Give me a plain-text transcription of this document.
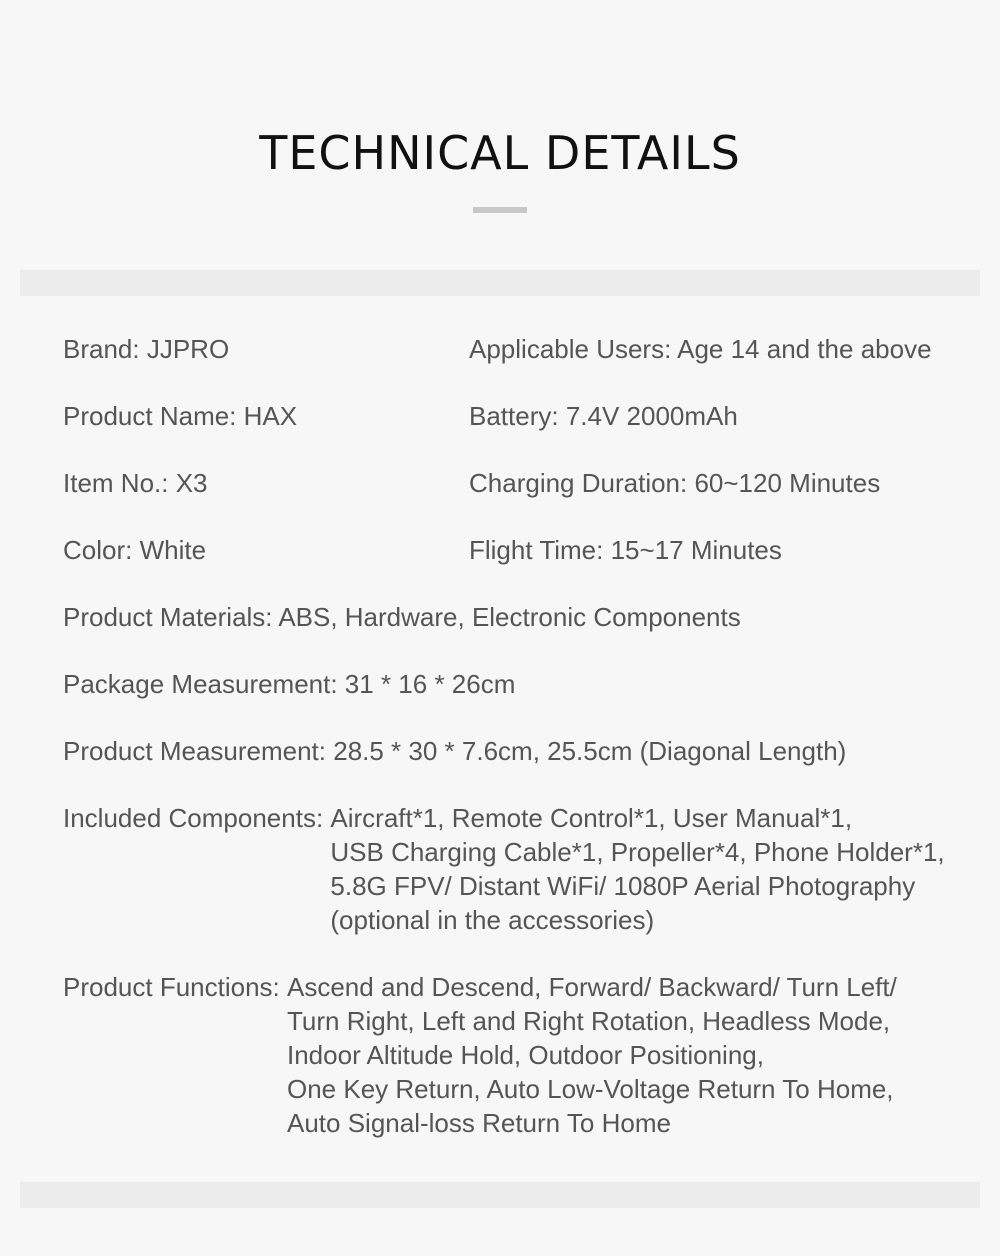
TECHNICAL DETAILS
Brand: JJPRO	Applicable Users: Age 14 and the above
Product Name: HAX	Battery: 7.4V 2000mAh
Item No.: X3	Charging Duration: 60~120 Minutes
Color: White	Flight Time: 15~17 Minutes
Product Materials: ABS, Hardware, Electronic Components
Package Measurement: 31 * 16 * 26cm
Product Measurement: 28.5 * 30 * 7.6cm, 25.5cm (Diagonal Length)
Included Components: Aircraft*1, Remote Control*1, User Manual*1,
USB Charging Cable*1, Propeller*4, Phone Holder*1,
5.8G FPV/ Distant WiFi/ 1080P Aerial Photography
(optional in the accessories)
Product Functions: Ascend and Descend, Forward/ Backward/ Turn Left/
Turn Right, Left and Right Rotation, Headless Mode,
Indoor Altitude Hold, Outdoor Positioning,
One Key Return, Auto Low-Voltage Return To Home,
Auto Signal-loss Return To Home
